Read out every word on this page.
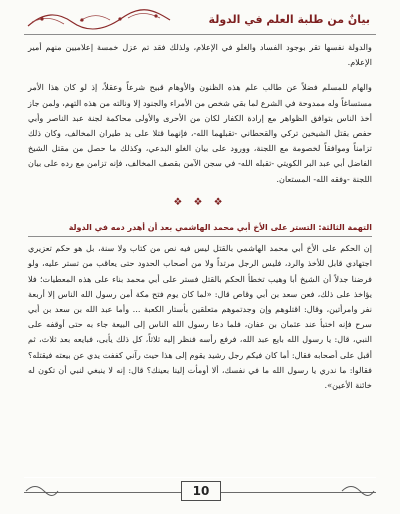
بيانٌ من طلبة العلم في الدولة

والدولة نفسها تقر بوجود الفساد والغلو في الإعلام، ولذلك فقد تم عزل خمسة إعلاميين منهم أمير الإعلام.

والهام للمسلم فضلاً عن طالب علم هذه الظنون والأوهام قبيح شرعاً وعقلاً، إذ لو كان هذا الأمر مستساغاً وله ممدوحة في الشرع لما بقي شخص من الأمراء والجنود إلا ونالته من هذه التهم، ولمن جاز أخذ الناس بتوافق الظواهر مع إرادة الكفار لكان من الأحرى والأولى محاكمة لجنة عبد الناصر وأبي حفص بقتل الشيخين تركي والقحطاني -تقبلهما الله-، فإنهما قتلا على يد طيران المخالف، وكان ذلك تزامناً وموافقاً لخصومة مع اللجنة، وورود على بيان الغلو البدعي، وكذلك ما حصل من مقتل الشيخ الفاضل أبي عبد البر الكويتي -تقبله الله- في سجن الآمن بقصف المخالف، فإنه تزامن مع رده على بيان اللجنة -وفقه الله- المستعان.

❖ ❖ ❖
التهمة الثالثة: التستر على الأخ أبي محمد الهاشمي بعد أن أهدر دمه في الدولة

إن الحكم على الأخ أبي محمد الهاشمي بالقتل ليس فيه نص من كتاب ولا سنة، بل هو حكم تعزيري اجتهادي قابل للأخذ والرد، فليس الرجل مرتداً ولا من أصحاب الحدود حتى يعاقب من تستر عليه، ولو فرضنا جدلاً أن الشيخ أبا وهيب تخطأ الحكم بالقتل فستر على أبي محمد بناء على هذه المعطيات؛ فلا يؤاخذ على ذلك، فعن سعد بن أبي وقاص قال: «لما كان يوم فتح مكة أمن رسول الله الناس إلا أربعة نفر وامرأتين، وقال: اقتلوهم وإن وجدتموهم متعلقين بأستار الكعبة ... وأما عبد الله بن سعد بن أبي سرح فإنه اختبأ عند عثمان بن عفان، فلما دعا رسول الله الناس إلى البيعة جاء به حتى أوقفه على النبي، قال: يا رسول الله بايع عبد الله، فرفع رأسه فنظر إليه ثلاثاً، كل ذلك يأبى، فبايعه بعد ثلاث، ثم أقبل على أصحابه فقال: أما كان فيكم رجل رشيد يقوم إلى هذا حيث رآني كففت يدي عن بيعته فيقتله؟ فقالوا: ما ندري يا رسول الله ما في نفسك، ألا أومأت إلينا بعينك؟ قال: إنه لا ينبغي لنبي أن تكون له خائنة الأعين».

10
